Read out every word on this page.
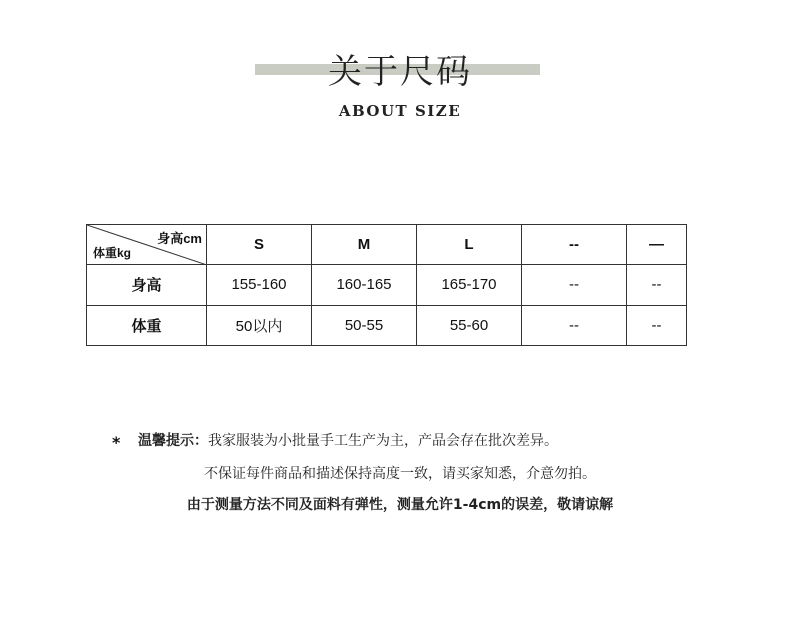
关于尺码
ABOUT SIZE
身高cm
体重kg	S	M	L	--	—
身高	155-160	160-165	165-170	--	--
体重	50以内	50-55	55-60	--	--
* 温馨提示：我家服装为小批量手工生产为主，产品会存在批次差异。
不保证每件商品和描述保持高度一致，请买家知悉，介意勿拍。
由于测量方法不同及面料有弹性，测量允许1-4cm的误差，敬请谅解
